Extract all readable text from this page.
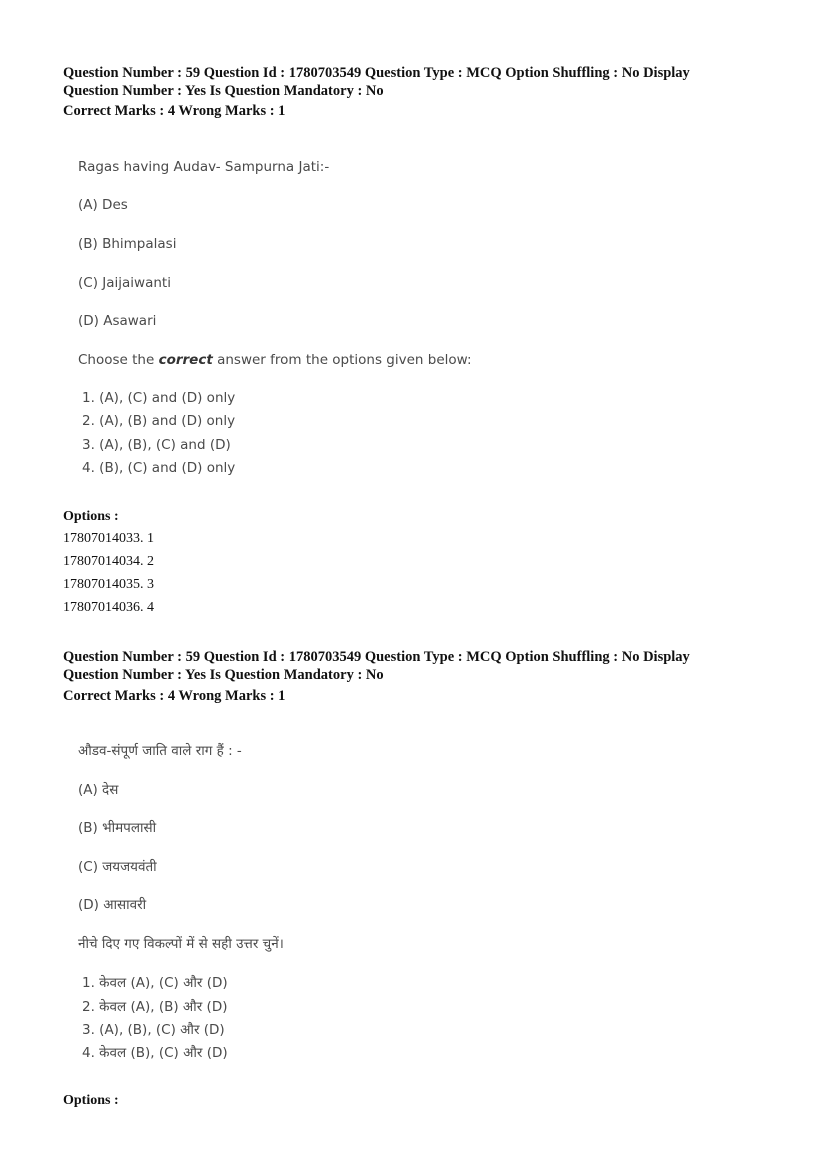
Question Number : 59 Question Id : 1780703549 Question Type : MCQ Option Shuffling : No Display
Question Number : Yes Is Question Mandatory : No
Correct Marks : 4 Wrong Marks : 1
Ragas having Audav- Sampurna Jati:-
(A) Des
(B) Bhimpalasi
(C) Jaijaiwanti
(D) Asawari
Choose the correct answer from the options given below:
1. (A), (C) and (D) only
2. (A), (B) and (D) only
3. (A), (B), (C) and (D)
4. (B), (C) and (D) only
Options :
17807014033. 1
17807014034. 2
17807014035. 3
17807014036. 4
Question Number : 59 Question Id : 1780703549 Question Type : MCQ Option Shuffling : No Display
Question Number : Yes Is Question Mandatory : No
Correct Marks : 4 Wrong Marks : 1
औडव-संपूर्ण जाति वाले राग हैं : -
(A) देस
(B) भीमपलासी
(C) जयजयवंती
(D) आसावरी
नीचे दिए गए विकल्पों में से सही उत्तर चुनें।
1. केवल (A), (C) और (D)
2. केवल (A), (B) और (D)
3. (A), (B), (C) और (D)
4. केवल (B), (C) और (D)
Options :
